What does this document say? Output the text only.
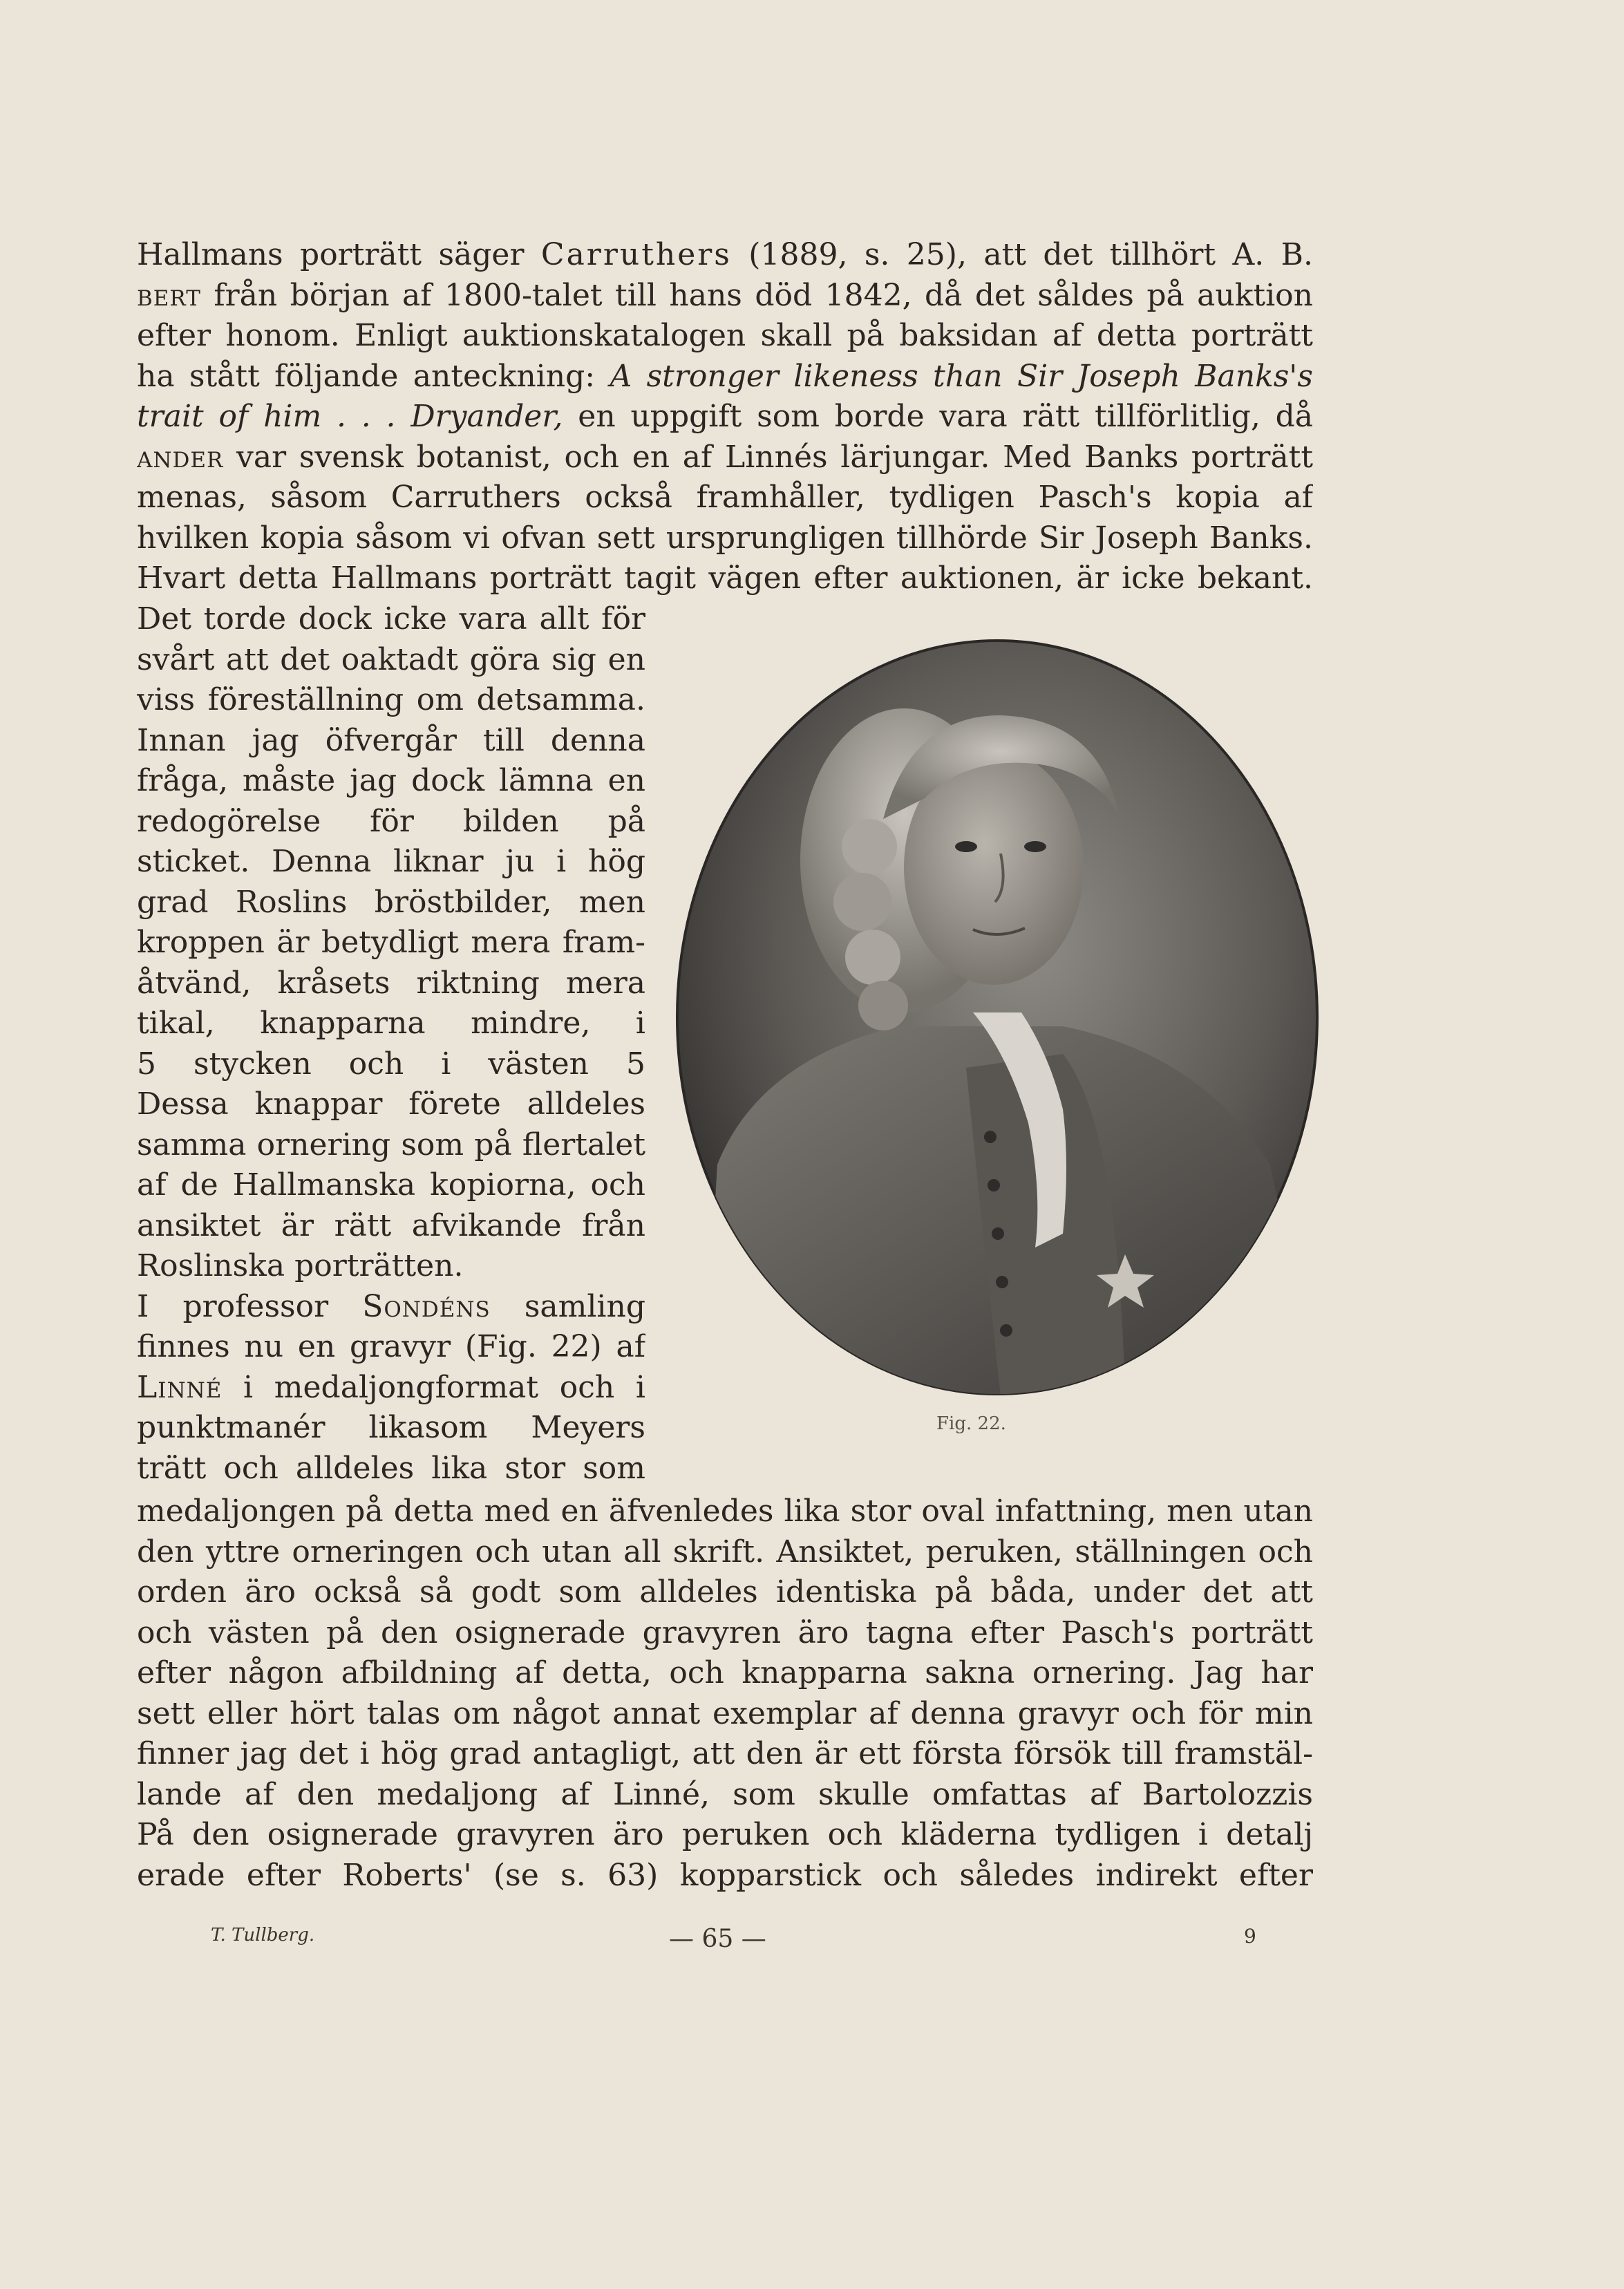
Hallmans porträtt säger Carruthers (1889, s. 25), att det tillhört A. B.
bert från början af 1800-talet till hans död 1842, då det såldes på auktion
efter honom. Enligt auktionskatalogen skall på baksidan af detta porträtt
ha stått följande anteckning: A stronger likeness than Sir Joseph Banks's
trait of him . . . Dryander, en uppgift som borde vara rätt tillförlitlig, då
ander var svensk botanist, och en af Linnés lärjungar. Med Banks porträtt
menas, såsom Carruthers också framhåller, tydligen Pasch's kopia af
hvilken kopia såsom vi ofvan sett ursprungligen tillhörde Sir Joseph Banks.
Hvart detta Hallmans porträtt tagit vägen efter auktionen, är icke bekant.
Det torde dock icke vara allt för
svårt att det oaktadt göra sig en
viss föreställning om detsamma.
Innan jag öfvergår till denna
fråga, måste jag dock lämna en
redogörelse för bilden på
sticket. Denna liknar ju i hög
grad Roslins bröstbilder, men
kroppen är betydligt mera fram-
åtvänd, kråsets riktning mera
tikal, knapparna mindre, i
5 stycken och i västen 5
Dessa knappar förete alldeles
samma ornering som på flertalet
af de Hallmanska kopiorna, och
ansiktet är rätt afvikande från
Roslinska porträtten.
I professor Sondéns samling
finnes nu en gravyr (Fig. 22) af
Linné i medaljongformat och i
punktmanér likasom Meyers
trätt och alldeles lika stor som
medaljongen på detta med en äfvenledes lika stor oval infattning, men utan
den yttre orneringen och utan all skrift. Ansiktet, peruken, ställningen och
orden äro också så godt som alldeles identiska på båda, under det att
och västen på den osignerade gravyren äro tagna efter Pasch's porträtt
efter någon afbildning af detta, och knapparna sakna ornering. Jag har
sett eller hört talas om något annat exemplar af denna gravyr och för min
finner jag det i hög grad antagligt, att den är ett första försök till framstäl-
lande af den medaljong af Linné, som skulle omfattas af Bartolozzis
På den osignerade gravyren äro peruken och kläderna tydligen i detalj
erade efter Roberts' (se s. 63) kopparstick och således indirekt efter
Fig. 22.
T. Tullberg.	— 65 —	9
